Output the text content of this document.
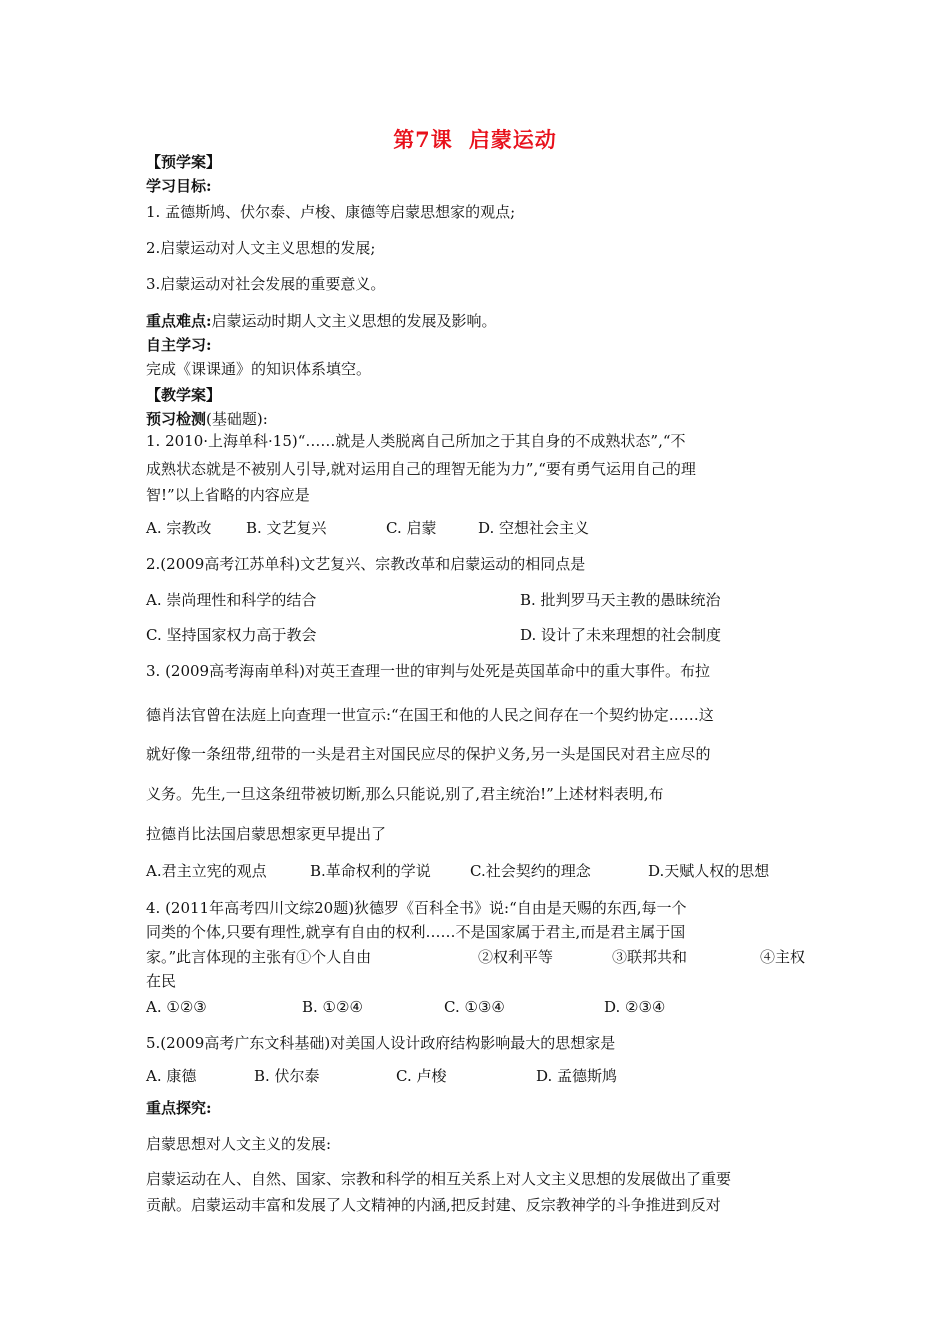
第7课 启蒙运动
【预学案】
学习目标:
1. 孟德斯鸠、伏尔泰、卢梭、康德等启蒙思想家的观点;
2.启蒙运动对人文主义思想的发展;
3.启蒙运动对社会发展的重要意义。
重点难点:启蒙运动时期人文主义思想的发展及影响。
自主学习:
完成《课课通》的知识体系填空。
【教学案】
预习检测(基础题):
1. 2010·上海单科·15)“……就是人类脱离自己所加之于其自身的不成熟状态”,“不
成熟状态就是不被别人引导,就对运用自己的理智无能为力”,“要有勇气运用自己的理
智!”以上省略的内容应是
A. 宗教改 B. 文艺复兴	C. 启蒙	D. 空想社会主义
2.(2009高考江苏单科)文艺复兴、宗教改革和启蒙运动的相同点是
A. 崇尚理性和科学的结合	B. 批判罗马天主教的愚昧统治
C. 坚持国家权力高于教会	D. 设计了未来理想的社会制度
3. (2009高考海南单科)对英王查理一世的审判与处死是英国革命中的重大事件。布拉
德肖法官曾在法庭上向查理一世宣示:“在国王和他的人民之间存在一个契约协定……这
就好像一条纽带,纽带的一头是君主对国民应尽的保护义务,另一头是国民对君主应尽的
义务。先生,一旦这条纽带被切断,那么只能说,别了,君主统治!”上述材料表明,布
拉德肖比法国启蒙思想家更早提出了
A.君主立宪的观点	B.革命权利的学说	C.社会契约的理念	D.天赋人权的思想
4. (2011年高考四川文综20题)狄德罗《百科全书》说:“自由是天赐的东西,每一个
同类的个体,只要有理性,就享有自由的权利……不是国家属于君主,而是君主属于国
家。”此言体现的主张有①个人自由	②权利平等	③联邦共和	④主权
在民
A. ①②③	B. ①②④	C. ①③④	D. ②③④
5.(2009高考广东文科基础)对美国人设计政府结构影响最大的思想家是
A. 康德	B. 伏尔泰	C. 卢梭	D. 孟德斯鸠
重点探究:
启蒙思想对人文主义的发展:
启蒙运动在人、自然、国家、宗教和科学的相互关系上对人文主义思想的发展做出了重要
贡献。启蒙运动丰富和发展了人文精神的内涵,把反封建、反宗教神学的斗争推进到反对
